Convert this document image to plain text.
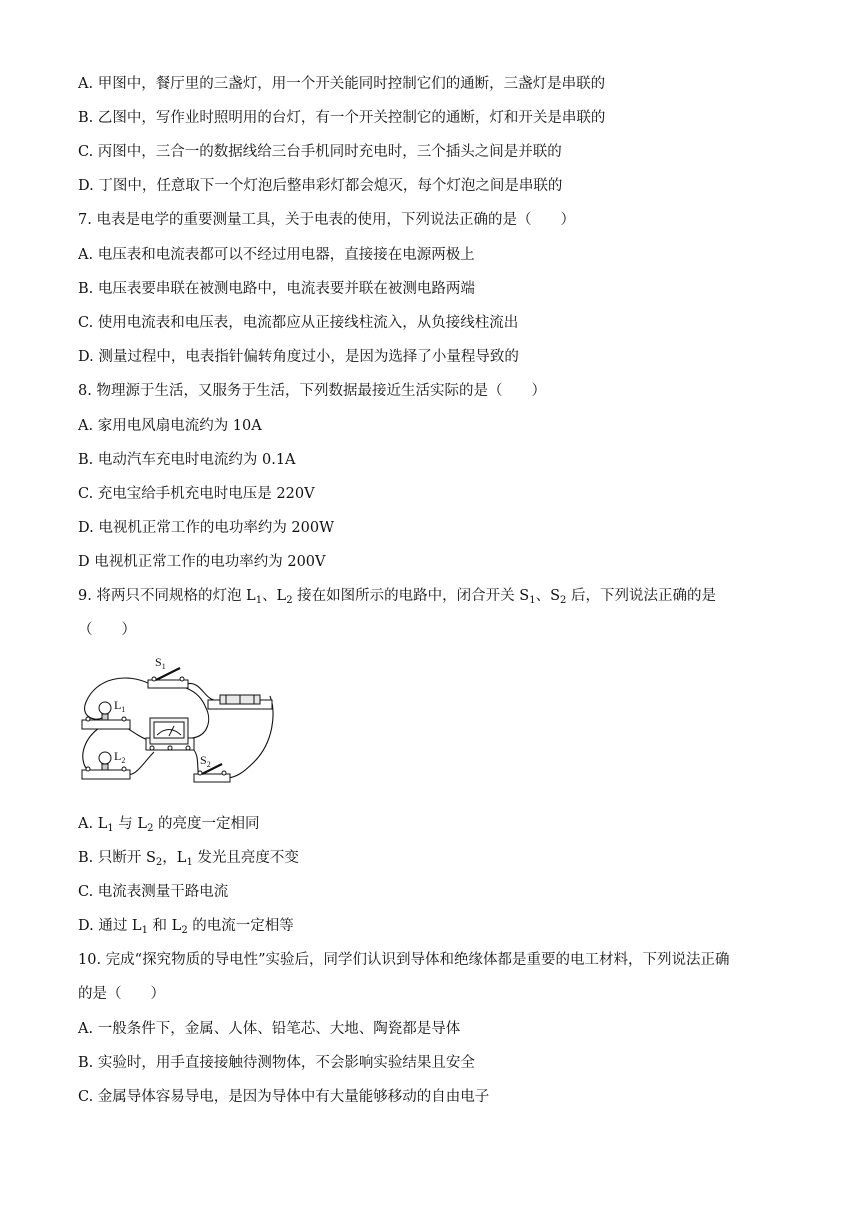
A. 甲图中，餐厅里的三盏灯，用一个开关能同时控制它们的通断，三盏灯是串联的
B. 乙图中，写作业时照明用的台灯，有一个开关控制它的通断，灯和开关是串联的
C. 丙图中，三合一的数据线给三台手机同时充电时，三个插头之间是并联的
D. 丁图中，任意取下一个灯泡后整串彩灯都会熄灭，每个灯泡之间是串联的
7. 电表是电学的重要测量工具，关于电表的使用，下列说法正确的是（　　）
A. 电压表和电流表都可以不经过用电器，直接接在电源两极上
B. 电压表要串联在被测电路中，电流表要并联在被测电路两端
C. 使用电流表和电压表，电流都应从正接线柱流入，从负接线柱流出
D. 测量过程中，电表指针偏转角度过小，是因为选择了小量程导致的
8. 物理源于生活，又服务于生活，下列数据最接近生活实际的是（　　）
A. 家用电风扇电流约为 10A
B. 电动汽车充电时电流约为 0.1A
C. 充电宝给手机充电时电压是 220V
D. 电视机正常工作的电功率约为 200W
D 电视机正常工作的电功率约为 200V
9. 将两只不同规格的灯泡 $L_1$、$L_2$ 接在如图所示的电路中，闭合开关 $S_1$、$S_2$ 后，下列说法正确的是
（　　）
$S_1$
$L_1$
$L_2$	$S_2$
A. $L_1$ 与 $L_2$ 的亮度一定相同
B. 只断开 $S_2$，$L_1$ 发光且亮度不变
C. 电流表测量干路电流
D. 通过 $L_1$ 和 $L_2$ 的电流一定相等
10. 完成“探究物质的导电性”实验后，同学们认识到导体和绝缘体都是重要的电工材料，下列说法正确
的是（　　）
A. 一般条件下，金属、人体、铅笔芯、大地、陶瓷都是导体
B. 实验时，用手直接接触待测物体，不会影响实验结果且安全
C. 金属导体容易导电，是因为导体中有大量能够移动的自由电子
